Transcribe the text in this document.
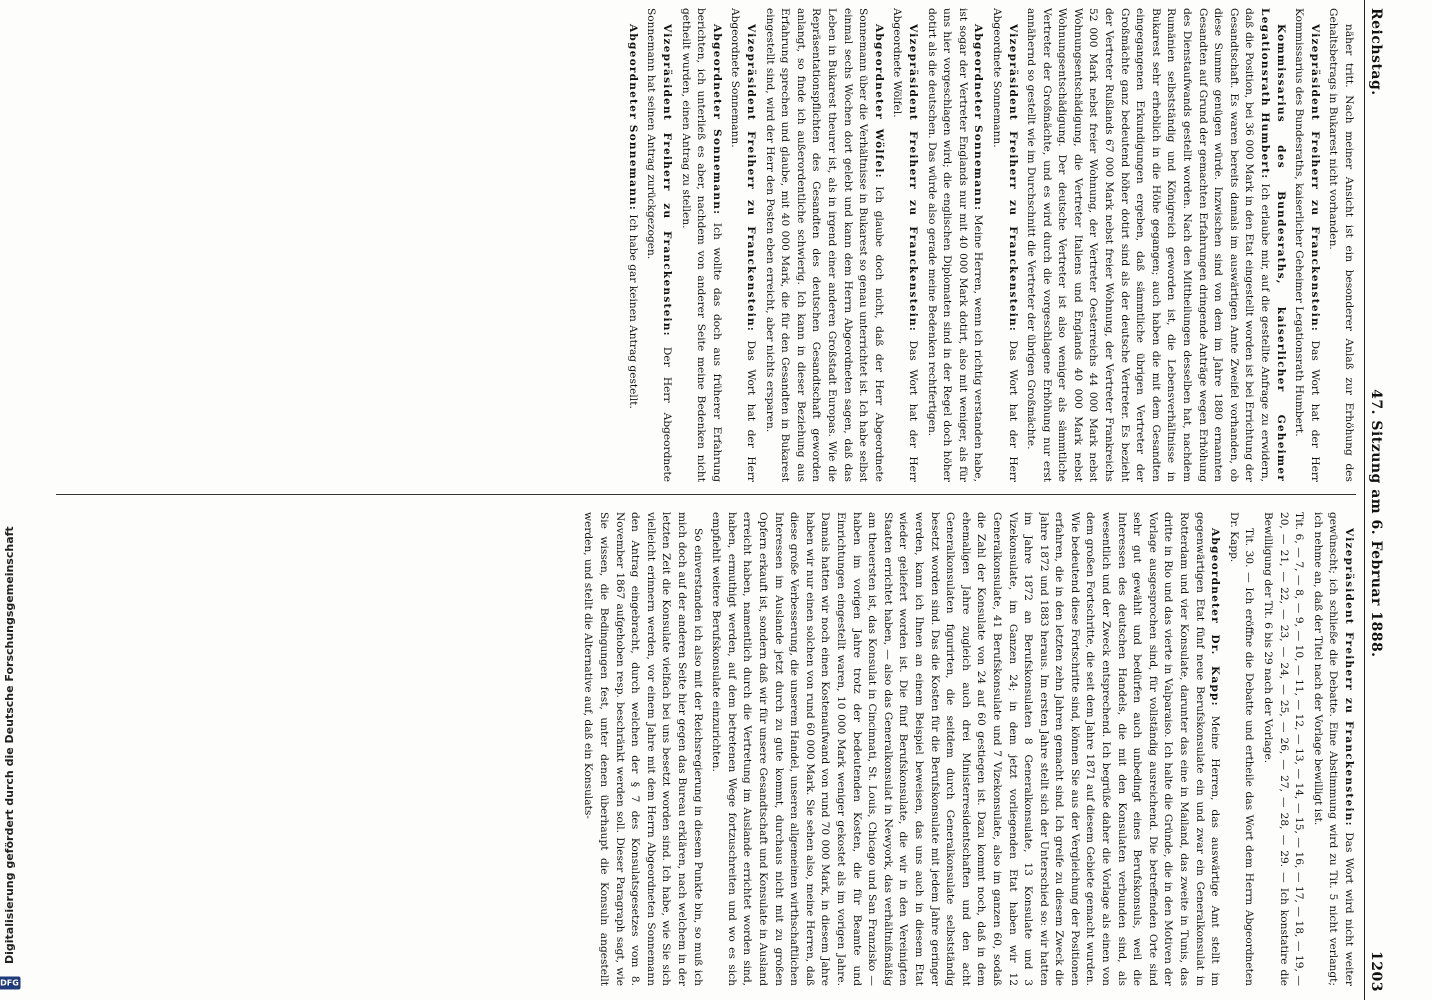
Reichstag.
47. Sitzung am 6. Februar 1888.
1203

näher tritt. Nach meiner Ansicht ist ein besonderer Anlaß zur Erhöhung des Gehaltsbetrags in Bukarest nicht vorhanden.

Vizepräsident Freiherr zu Franckenstein: Das Wort hat der Herr Kommissarius des Bundesraths, kaiserlicher Geheimer Legationsrath Humbert.

Kommissarius des Bundesraths, kaiserlicher Geheimer Legationsrath Humbert: Ich erlaube mir, auf die gestellte Anfrage zu erwidern, daß die Position, bei 36 000 Mark in den Etat eingestellt worden ist bei Errichtung der Gesandtschaft. Es waren bereits damals im auswärtigen Amte Zweifel vorhanden, ob diese Summe genügen würde. Inzwischen sind von dem im Jahre 1880 ernannten Gesandten auf Grund der gemachten Erfahrungen dringende Anträge wegen Erhöhung des Dienstaufwands gestellt worden. Nach den Mittheilungen desselben hat, nachdem Rumänien selbstständig und Königreich geworden ist, die Lebensverhältnisse in Bukarest sehr erheblich in die Höhe gegangen; auch haben die mit dem Gesandten eingegangenen Erkundigungen ergeben, daß sämmtliche übrigen Vertreter der Großmächte ganz bedeutend höher dotirt sind als der deutsche Vertreter. Es bezieht der Vertreter Rußlands 67 000 Mark nebst freier Wohnung, der Vertreter Frankreichs 52 000 Mark nebst freier Wohnung, der Vertreter Oesterreichs 44 000 Mark nebst Wohnungsentschädigung, die Vertreter Italiens und Englands 40 000 Mark nebst Wohnungsentschädigung. Der deutsche Vertreter ist also weniger als sämmtliche Vertreter der Großmächte, und es wird durch die vorgeschlagene Erhöhung nur erst annähernd so gestellt wie im Durchschnitt die Vertreter der übrigen Großmächte.

Vizepräsident Freiherr zu Franckenstein: Das Wort hat der Herr Abgeordnete Sonnemann.

Abgeordneter Sonnemann: Meine Herren, wenn ich richtig verstanden habe, ist sogar der Vertreter Englands nur mit 40 000 Mark dotirt, also mit weniger, als für uns hier vorgeschlagen wird; die englischen Diplomaten sind in der Regel doch höher dotirt als die deutschen. Das würde also gerade meine Bedenken rechtfertigen.

Vizepräsident Freiherr zu Franckenstein: Das Wort hat der Herr Abgeordnete Wölfel.

Abgeordneter Wölfel: Ich glaube doch nicht, daß der Herr Abgeordnete Sonnemann über die Verhältnisse in Bukarest so genau unterrichtet ist. Ich habe selbst einmal sechs Wochen dort gelebt und kann dem Herrn Abgeordneten sagen, daß das Leben in Bukarest theurer ist, als in irgend einer anderen Großstadt Europas. Wie die Repräsentationspflichten des Gesandten des deutschen Gesandtschaft geworden anlangt, so finde ich außerordentliche schwierig. Ich kann in dieser Beziehung aus Erfahrung sprechen und glaube, mit 40 000 Mark, die für den Gesandten in Bukarest eingestellt sind, wird der Herr den Posten eben erreicht, aber nichts ersparen.

Vizepräsident Freiherr zu Franckenstein: Das Wort hat der Herr Abgeordnete Sonnemann.

Abgeordneter Sonnemann: Ich wollte das doch aus früherer Erfahrung berichten, ich unterließ es aber, nachdem von anderer Seite meine Bedenken nicht getheilt wurden, einen Antrag zu stellen.

Vizepräsident Freiherr zu Franckenstein: Der Herr Abgeordnete Sonnemann hat seinen Antrag zurückgezogen.

Abgeordneter Sonnemann: Ich habe gar keinen Antrag gestellt.

Vizepräsident Freiherr zu Franckenstein: Das Wort wird nicht weiter gewünscht; ich schließe die Debatte. Eine Abstimmung wird zu Tit. 5 nicht verlangt; ich nehme an, daß der Titel nach der Vorlage bewilligt ist.

Tit. 6, — 7, — 8, — 9, — 10, — 11, — 12, — 13, — 14, — 15, — 16, — 17, — 18, — 19, — 20, — 21, — 22, — 23, — 24, — 25, — 26, — 27, — 28, — 29. — Ich konstatire die Bewilligung der Tit. 6 bis 29 nach der Vorlage.

Tit. 30. — Ich eröffne die Debatte und ertheile das Wort dem Herrn Abgeordneten Dr. Kapp.

Abgeordneter Dr. Kapp: Meine Herren, das auswärtige Amt stellt im gegenwärtigen Etat fünf neue Berufskonsulate ein und zwar ein Generalkonsulat in Rotterdam und vier Konsulate, darunter das eine in Mailand, das zweite in Tunis, das dritte in Rio und das vierte in Valparaiso. Ich halte die Gründe, die in den Motiven der Vorlage ausgesprochen sind, für vollständig ausreichend. Die betreffenden Orte sind sehr gut gewählt und bedürfen auch unbedingt eines Berufskonsuls, weil die Interessen des deutschen Handels, die mit den Konsulaten verbunden sind, als wesentlich und der Zweck entsprechend. Ich begrüße daher die Vorlage als einen von dem großen Fortschritte, die seit dem Jahre 1871 auf diesem Gebiete gemacht wurden. Wie bedeutend diese Fortschritte sind, können Sie aus der Vergleichung der Positionen erfahren, die in den letzten zehn Jahren gemacht sind. Ich greife zu diesem Zweck die Jahre 1872 und 1883 heraus. Im ersten Jahre stellt sich der Unterschied so: wir hatten im Jahre 1872 an Berufskonsulaten 8 Generalkonsulate, 13 Konsulate und 3 Vizekonsulate, im Ganzen 24; in dem jetzt vorliegenden Etat haben wir 12 Generalkonsulate, 41 Berufskonsulate und 7 Vizekonsulate, also im ganzen 60, sodaß die Zahl der Konsulate von 24 auf 60 gestiegen ist. Dazu kommt noch, daß in dem ehemaligen Jahre zugleich auch drei Ministerresidentschaften und den acht Generalkonsulaten figurirten, die seitdem durch Generalkonsulate selbstständig besetzt worden sind. Das die Kosten für die Berufskonsulate mit jedem Jahre geringer werden, kann ich Ihnen an einem Beispiel beweisen, das uns auch in diesem Etat wieder geliefert worden ist. Die fünf Berufskonsulate, die wir in den Vereinigten Staaten errichtet haben, — also das Generalkonsulat in Newyork, das verhältnißmäßig am theuersten ist, das Konsulat in Cincinnati, St. Louis, Chicago und San Franzisko — haben im vorigen Jahre trotz der bedeutenden Kosten, die für Beamte und Einrichtungen eingestellt waren, 10 000 Mark weniger gekostet als im vorigen Jahre. Damals hatten wir noch einen Kostenaufwand von rund 70 000 Mark, in diesem Jahre haben wir nur einen solchen von rund 60 000 Mark. Sie sehen also, meine Herren, daß diese große Verbesserung, die unserem Handel, unseren allgemeinen wirthschaftlichen Interessen im Auslande jetzt durch zu gute kommt, durchaus nicht mit zu großen Opfern erkauft ist, sondern daß wir für unsere Gesandtschaft und Konsulate in Ausland erreicht haben, namentlich durch die Vertretung im Auslande errichtet worden sind, haben, ermuthigt werden, auf dem betretenen Wege fortzuschreiten und wo es sich empfiehlt weitere Berufskonsulate einzurichten.

So einverstanden ich also mit der Reichsregierung in diesem Punkte bin, so muß ich mich doch auf der anderen Seite hier gegen das Bureau erklären, nach welchem in der letzten Zeit die Konsulate vielfach bei uns besetzt worden sind. Ich habe, wie Sie sich vielleicht erinnern werden, vor einem Jahre mit dem Herrn Abgeordneten Sonnemann den Antrag eingebracht, durch welchen der § 7 des Konsulatsgesetzes vom 8. November 1867 aufgehoben resp. beschränkt werden soll. Dieser Paragraph sagt, wie Sie wissen, die Bedingungen fest, unter denen überhaupt die Konsuln angestellt werden, und stellt die Alternative auf, daß ein Konsulats-

DFG
Digitalisierung gefördert durch die Deutsche Forschungsgemeinschaft
